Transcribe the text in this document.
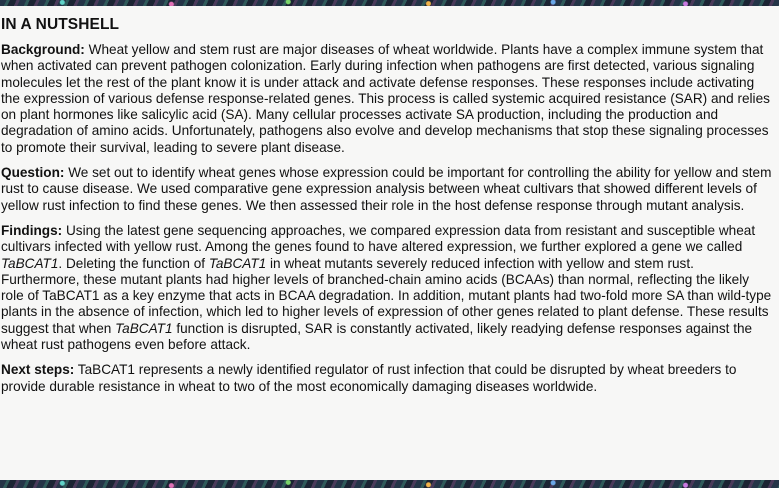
IN A NUTSHELL

Background: Wheat yellow and stem rust are major diseases of wheat worldwide. Plants have a complex immune system that when activated can prevent pathogen colonization. Early during infection when pathogens are first detected, various signaling molecules let the rest of the plant know it is under attack and activate defense responses. These responses include activating the expression of various defense response-related genes. This process is called systemic acquired resistance (SAR) and relies on plant hormones like salicylic acid (SA). Many cellular processes activate SA production, including the production and degradation of amino acids. Unfortunately, pathogens also evolve and develop mechanisms that stop these signaling processes to promote their survival, leading to severe plant disease.

Question: We set out to identify wheat genes whose expression could be important for controlling the ability for yellow and stem rust to cause disease. We used comparative gene expression analysis between wheat cultivars that showed different levels of yellow rust infection to find these genes. We then assessed their role in the host defense response through mutant analysis.

Findings: Using the latest gene sequencing approaches, we compared expression data from resistant and susceptible wheat cultivars infected with yellow rust. Among the genes found to have altered expression, we further explored a gene we called TaBCAT1. Deleting the function of TaBCAT1 in wheat mutants severely reduced infection with yellow and stem rust. Furthermore, these mutant plants had higher levels of branched-chain amino acids (BCAAs) than normal, reflecting the likely role of TaBCAT1 as a key enzyme that acts in BCAA degradation. In addition, mutant plants had two-fold more SA than wild-type plants in the absence of infection, which led to higher levels of expression of other genes related to plant defense. These results suggest that when TaBCAT1 function is disrupted, SAR is constantly activated, likely readying defense responses against the wheat rust pathogens even before attack.

Next steps: TaBCAT1 represents a newly identified regulator of rust infection that could be disrupted by wheat breeders to provide durable resistance in wheat to two of the most economically damaging diseases worldwide.
